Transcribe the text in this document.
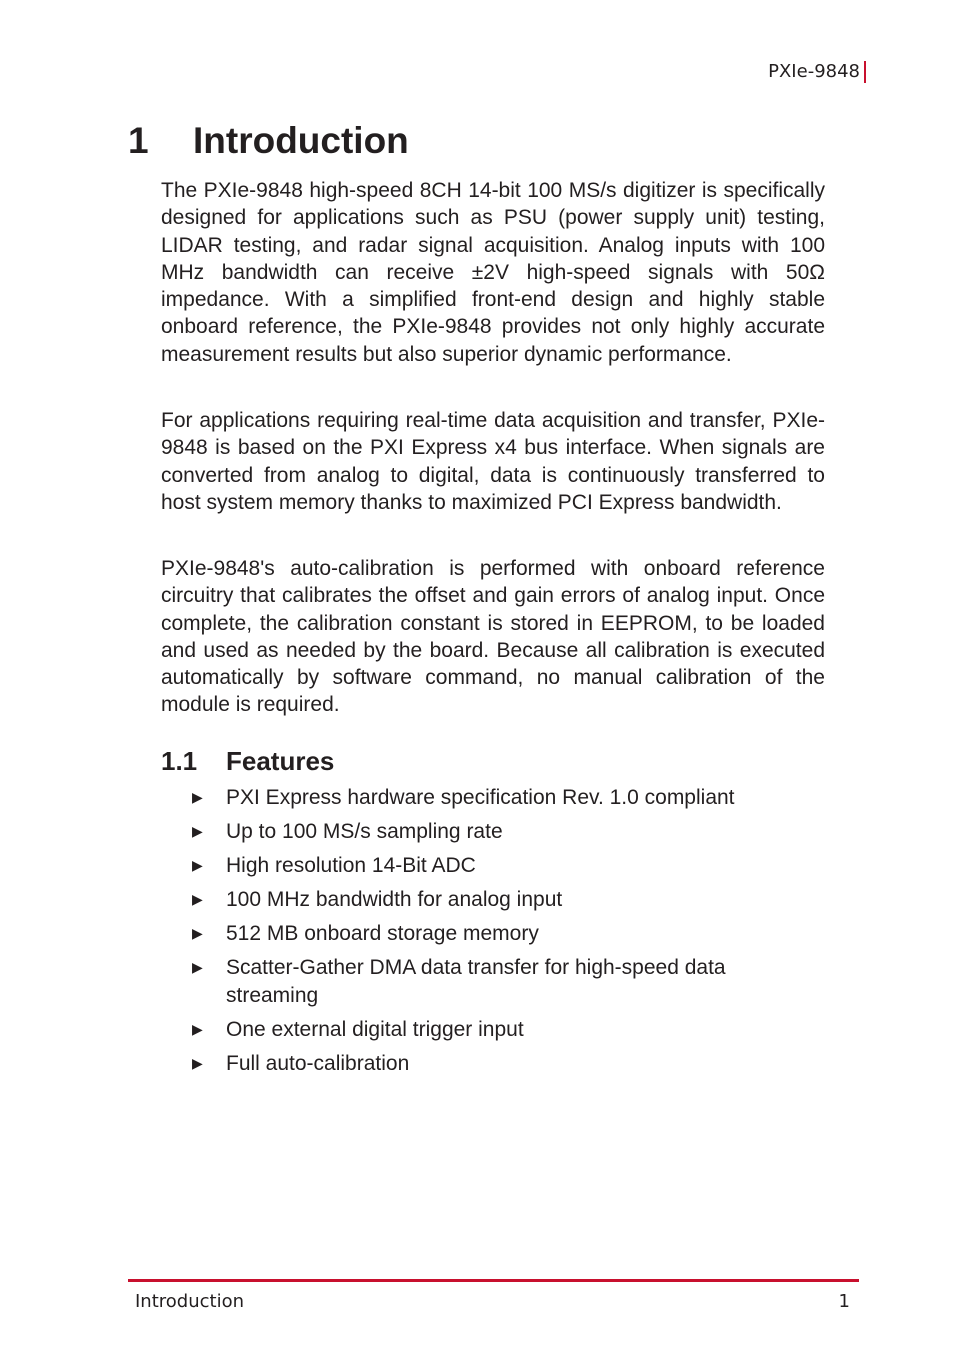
PXIe-9848
1	Introduction

The PXIe-9848 high-speed 8CH 14-bit 100 MS/s digitizer is specifically designed for applications such as PSU (power supply unit) testing, LIDAR testing, and radar signal acquisition. Analog inputs with 100 MHz bandwidth can receive ±2V high-speed signals with 50Ω impedance. With a simplified front-end design and highly stable onboard reference, the PXIe-9848 provides not only highly accurate measurement results but also superior dynamic performance.

For applications requiring real-time data acquisition and transfer, PXIe-9848 is based on the PXI Express x4 bus interface. When signals are converted from analog to digital, data is continuously transferred to host system memory thanks to maximized PCI Express bandwidth.

PXIe-9848's auto-calibration is performed with onboard reference circuitry that calibrates the offset and gain errors of analog input. Once complete, the calibration constant is stored in EEPROM, to be loaded and used as needed by the board. Because all calibration is executed automatically by software command, no manual calibration of the module is required.

1.1	Features
▶	PXI Express hardware specification Rev. 1.0 compliant
▶	Up to 100 MS/s sampling rate
▶	High resolution 14-Bit ADC
▶	100 MHz bandwidth for analog input
▶	512 MB onboard storage memory
▶	Scatter-Gather DMA data transfer for high-speed data streaming
▶	One external digital trigger input
▶	Full auto-calibration
Introduction	1
